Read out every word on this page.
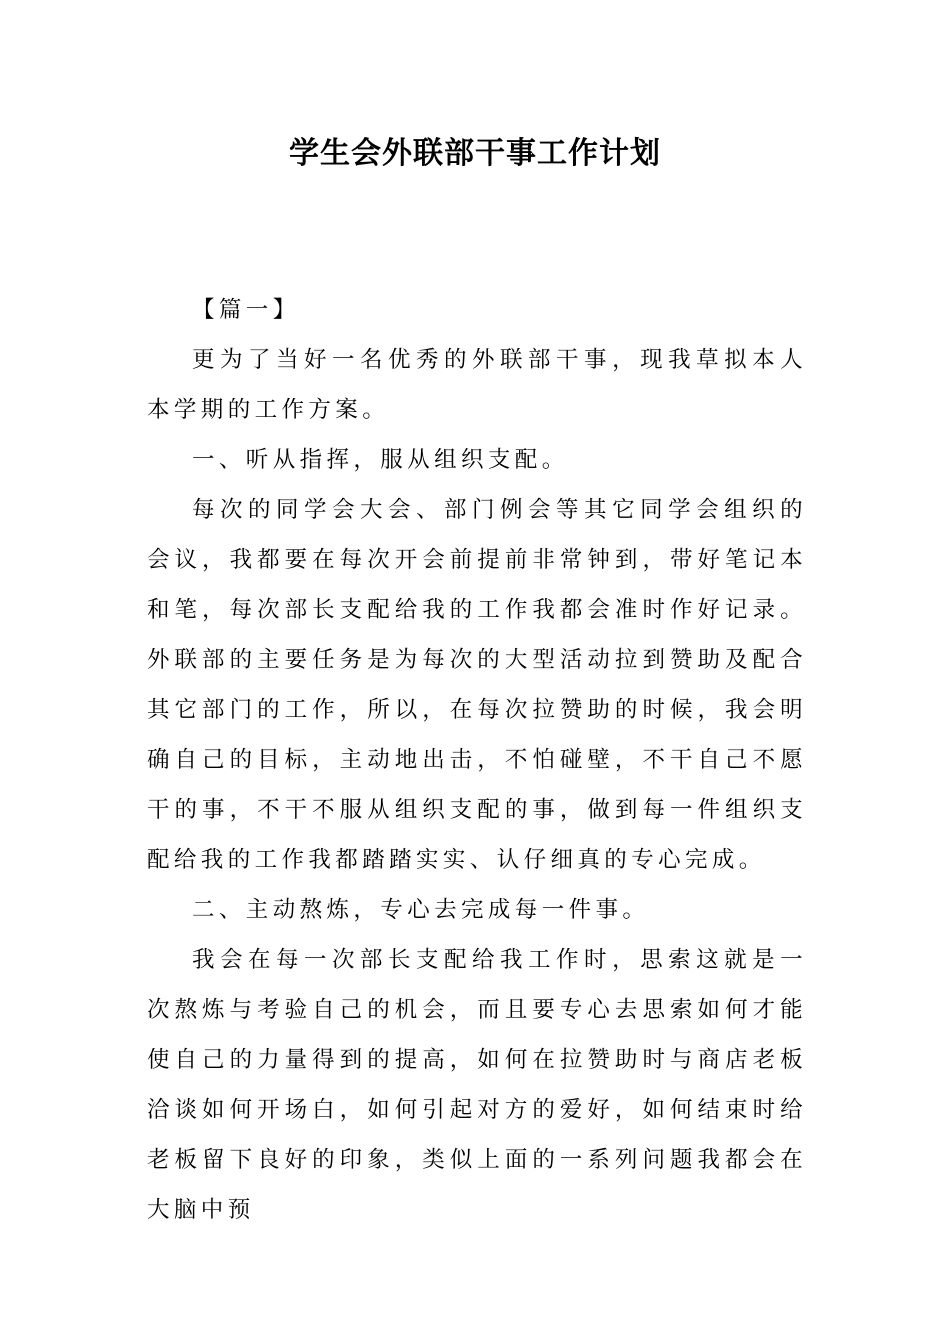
学生会外联部干事工作计划

【篇一】

更为了当好一名优秀的外联部干事，现我草拟本人本学期的工作方案。

一、听从指挥，服从组织支配。

每次的同学会大会、部门例会等其它同学会组织的会议，我都要在每次开会前提前非常钟到，带好笔记本和笔，每次部长支配给我的工作我都会准时作好记录。外联部的主要任务是为每次的大型活动拉到赞助及配合其它部门的工作，所以，在每次拉赞助的时候，我会明确自己的目标，主动地出击，不怕碰壁，不干自己不愿干的事，不干不服从组织支配的事，做到每一件组织支配给我的工作我都踏踏实实、认仔细真的专心完成。

二、主动熬炼，专心去完成每一件事。

我会在每一次部长支配给我工作时，思索这就是一次熬炼与考验自己的机会，而且要专心去思索如何才能使自己的力量得到的提高，如何在拉赞助时与商店老板洽谈如何开场白，如何引起对方的爱好，如何结束时给老板留下良好的印象，类似上面的一系列问题我都会在大脑中预
